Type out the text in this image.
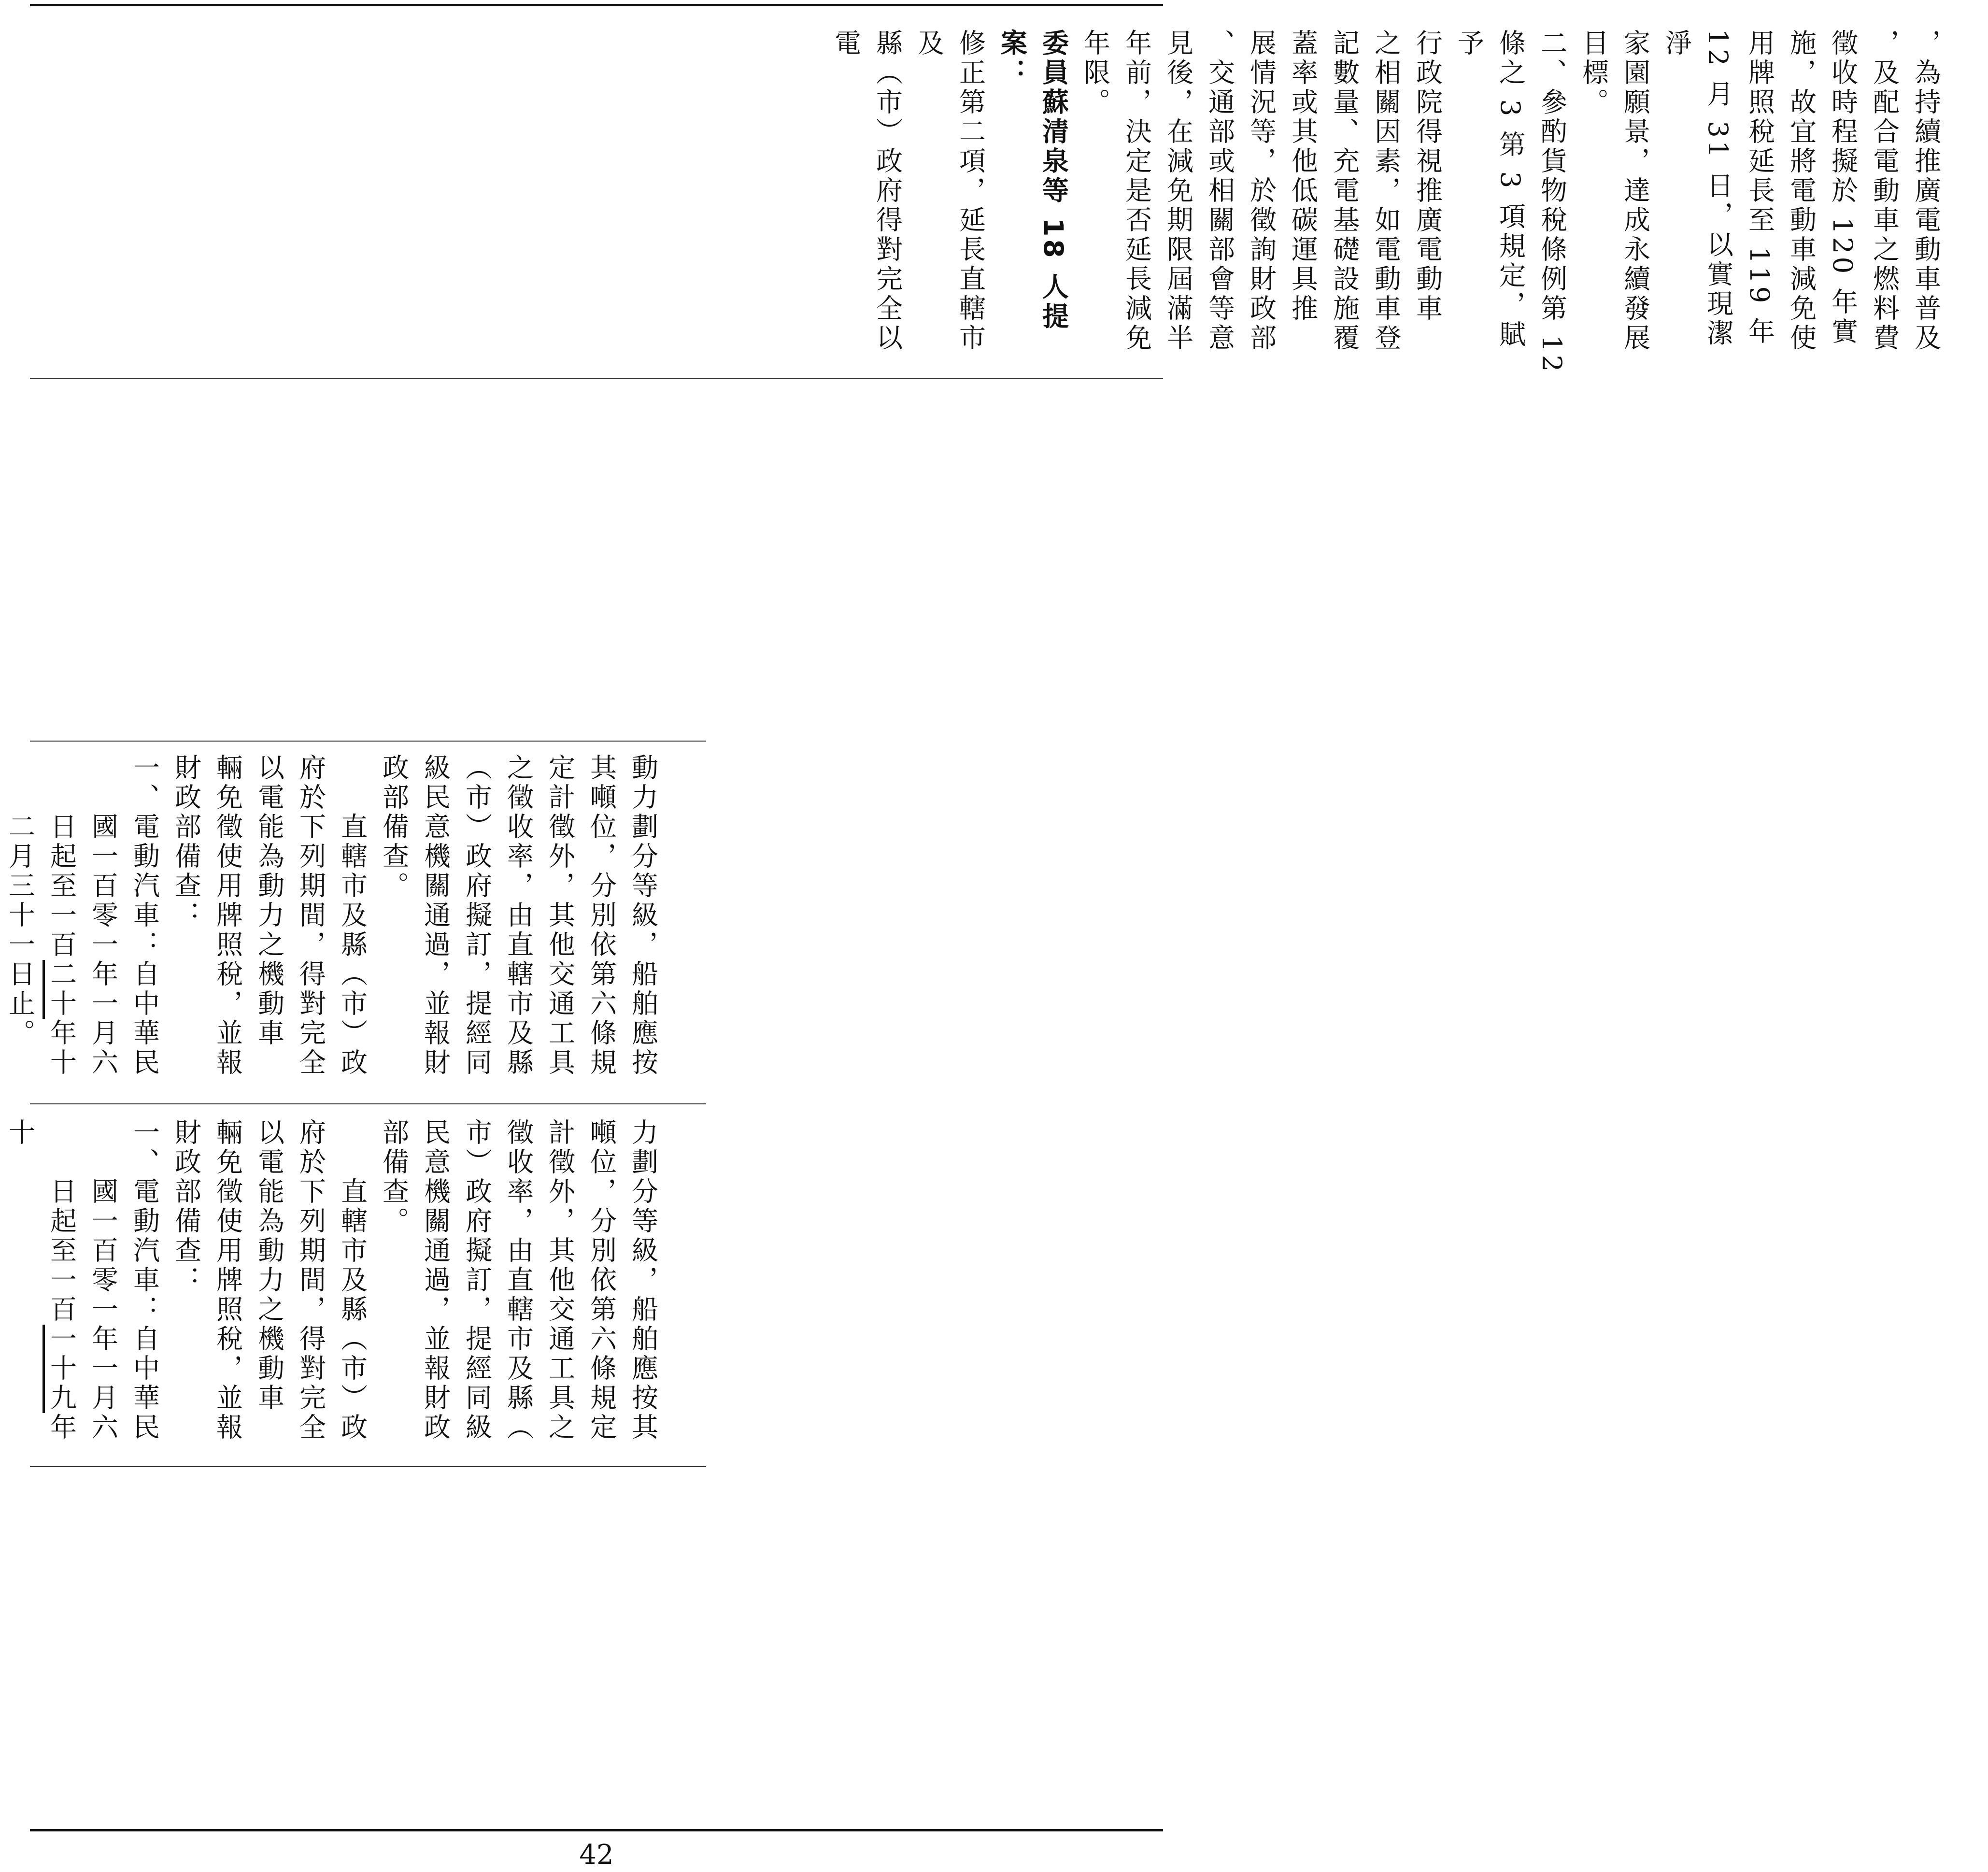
，為持續推廣電動車普及
，及配合電動車之燃料費
徵收時程擬於 120 年實
施，故宜將電動車減免使
用牌照稅延長至 119 年
12 月 31 日，以實現潔淨
家園願景，達成永續發展
目標。
二、參酌貨物稅條例第 12
條之 3 第 3 項規定，賦予
行政院得視推廣電動車
之相關因素，如電動車登
記數量、充電基礎設施覆
蓋率或其他低碳運具推
展情況等，於徵詢財政部
、交通部或相關部會等意
見後，在減免期限屆滿半
年前，決定是否延長減免
年限。
委員蘇清泉等 18 人提案：
修正第二項，延長直轄市及
縣（市）政府得對完全以電

動力劃分等級，船舶應按
其噸位，分別依第六條規
定計徵外，其他交通工具
之徵收率，由直轄市及縣
（市）政府擬訂，提經同
級民意機關通過，並報財
政部備查。
　　直轄市及縣（市）政
府於下列期間，得對完全
以電能為動力之機動車
輛免徵使用牌照稅，並報
財政部備查：
一、電動汽車：自中華民
　　國一百零一年一月六
　　日起至一百二十年十
　　二月三十一日止。

力劃分等級，船舶應按其
噸位，分別依第六條規定
計徵外，其他交通工具之
徵收率，由直轄市及縣（
市）政府擬訂，提經同級
民意機關通過，並報財政
部備查。
　　直轄市及縣（市）政
府於下列期間，得對完全
以電能為動力之機動車
輛免徵使用牌照稅，並報
財政部備查：
一、電動汽車：自中華民
　　國一百零一年一月六
　　日起至一百一十九年十
42
